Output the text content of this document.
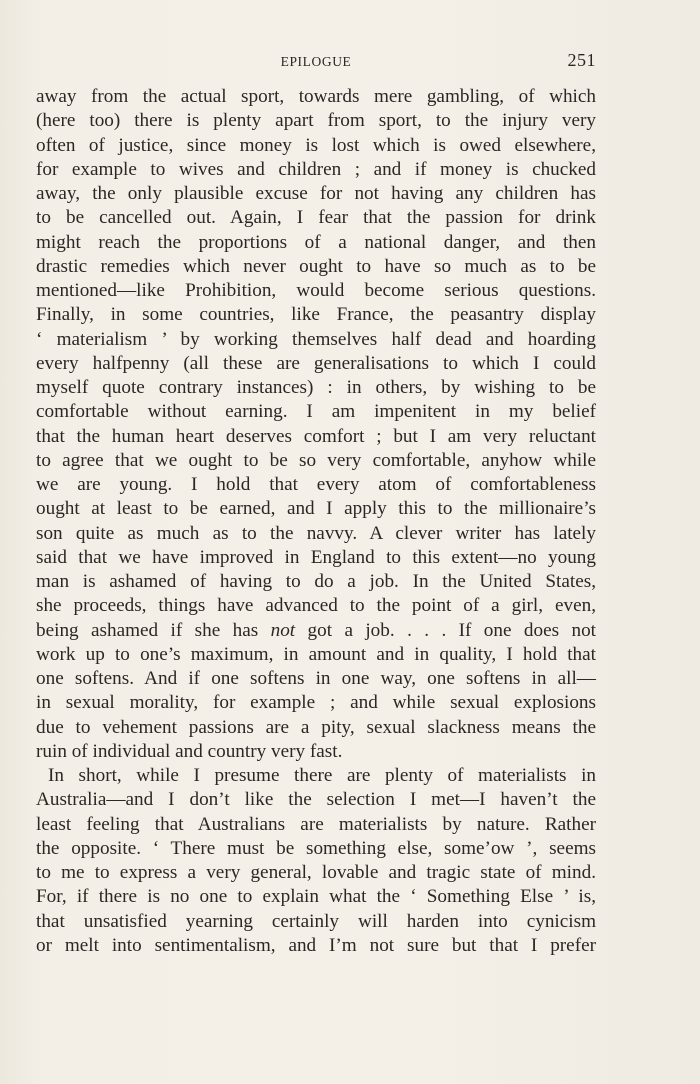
EPILOGUE	251
away from the actual sport, towards mere gambling, of which
(here too) there is plenty apart from sport, to the injury very
often of justice, since money is lost which is owed elsewhere,
for example to wives and children ; and if money is chucked
away, the only plausible excuse for not having any children has
to be cancelled out. Again, I fear that the passion for drink
might reach the proportions of a national danger, and then
drastic remedies which never ought to have so much as to be
mentioned—like Prohibition, would become serious questions.
Finally, in some countries, like France, the peasantry display
‘ materialism ’ by working themselves half dead and hoarding
every halfpenny (all these are generalisations to which I could
myself quote contrary instances) : in others, by wishing to be
comfortable without earning. I am impenitent in my belief
that the human heart deserves comfort ; but I am very reluctant
to agree that we ought to be so very comfortable, anyhow while
we are young. I hold that every atom of comfortableness
ought at least to be earned, and I apply this to the millionaire’s
son quite as much as to the navvy. A clever writer has lately
said that we have improved in England to this extent—no young
man is ashamed of having to do a job. In the United States,
she proceeds, things have advanced to the point of a girl, even,
being ashamed if she has not got a job. . . . If one does not
work up to one’s maximum, in amount and in quality, I hold that
one softens. And if one softens in one way, one softens in all—
in sexual morality, for example ; and while sexual explosions
due to vehement passions are a pity, sexual slackness means the
ruin of individual and country very fast.
In short, while I presume there are plenty of materialists in
Australia—and I don’t like the selection I met—I haven’t the
least feeling that Australians are materialists by nature. Rather
the opposite. ‘ There must be something else, some’ow ’, seems
to me to express a very general, lovable and tragic state of mind.
For, if there is no one to explain what the ‘ Something Else ’ is,
that unsatisfied yearning certainly will harden into cynicism
or melt into sentimentalism, and I’m not sure but that I prefer
